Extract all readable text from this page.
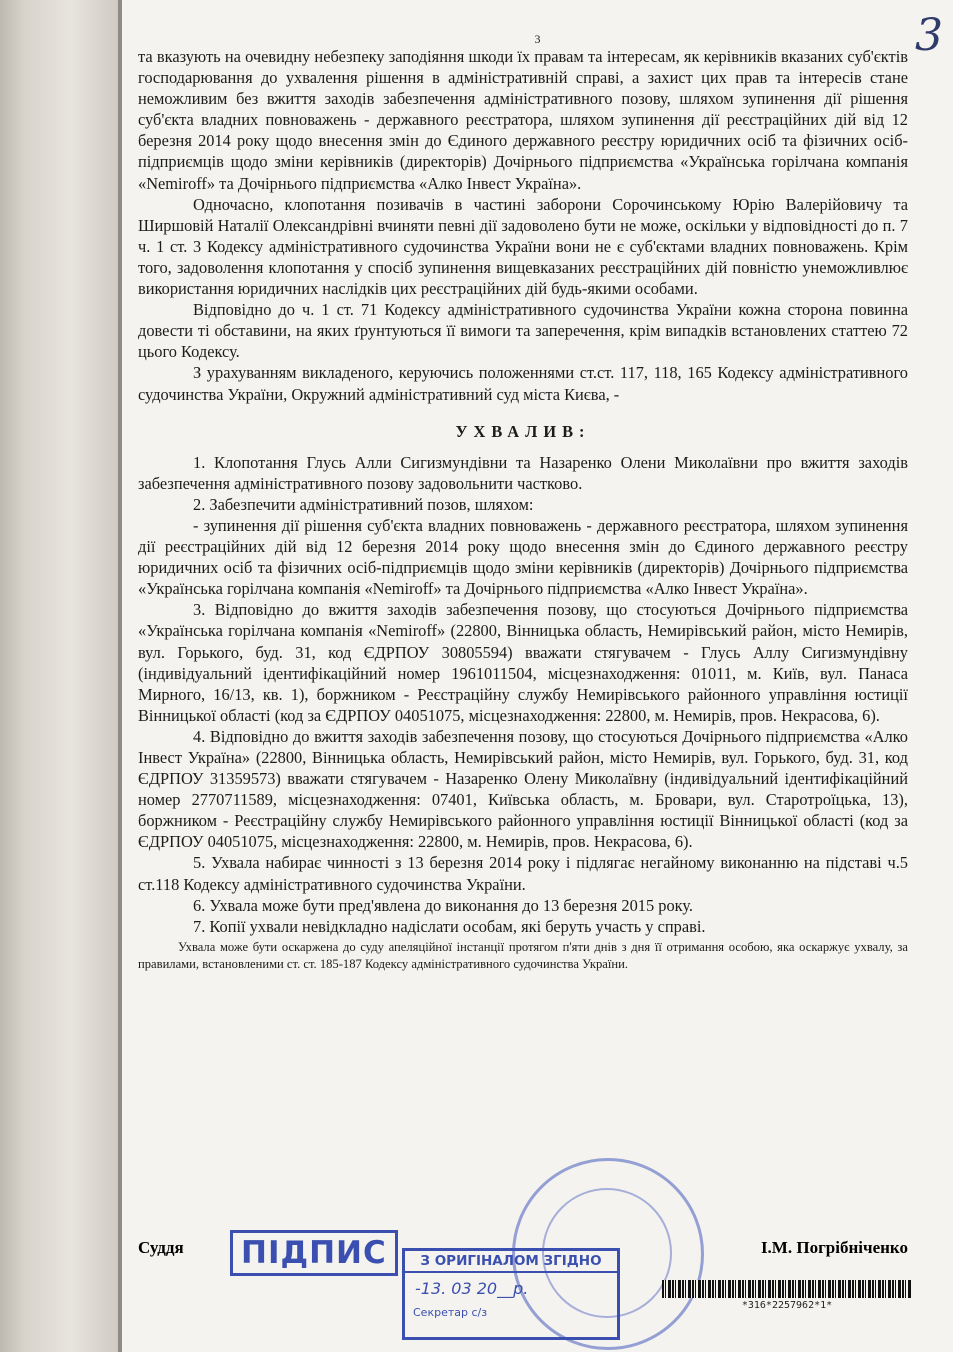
3
3

та вказують на очевидну небезпеку заподіяння шкоди їх правам та інтересам, як керівників вказаних суб'єктів господарювання до ухвалення рішення в адміністративній справі, а захист цих прав та інтересів стане неможливим без вжиття заходів забезпечення адміністративного позову, шляхом зупинення дії рішення суб'єкта владних повноважень - державного реєстратора, шляхом зупинення дії реєстраційних дій від 12 березня 2014 року щодо внесення змін до Єдиного державного реєстру юридичних осіб та фізичних осіб-підприємців щодо зміни керівників (директорів) Дочірнього підприємства «Українська горілчана компанія «Nemiroff» та Дочірнього підприємства «Алко Інвест Україна».

Одночасно, клопотання позивачів в частині заборони Сорочинському Юрію Валерійовичу та Ширшовій Наталії Олександрівні вчиняти певні дії задоволено бути не може, оскільки у відповідності до п. 7 ч. 1 ст. 3 Кодексу адміністративного судочинства України вони не є суб'єктами владних повноважень. Крім того, задоволення клопотання у спосіб зупинення вищевказаних реєстраційних дій повністю унеможливлює використання юридичних наслідків цих реєстраційних дій будь-якими особами.

Відповідно до ч. 1 ст. 71 Кодексу адміністративного судочинства України кожна сторона повинна довести ті обставини, на яких ґрунтуються її вимоги та заперечення, крім випадків встановлених статтею 72 цього Кодексу.

З урахуванням викладеного, керуючись положеннями ст.ст. 117, 118, 165 Кодексу адміністративного судочинства України, Окружний адміністративний суд міста Києва, -

УХВАЛИВ:

1. Клопотання Глусь Алли Сигизмундівни та Назаренко Олени Миколаївни про вжиття заходів забезпечення адміністративного позову задовольнити частково.

2. Забезпечити адміністративний позов, шляхом:

- зупинення дії рішення суб'єкта владних повноважень - державного реєстратора, шляхом зупинення дії реєстраційних дій від 12 березня 2014 року щодо внесення змін до Єдиного державного реєстру юридичних осіб та фізичних осіб-підприємців щодо зміни керівників (директорів) Дочірнього підприємства «Українська горілчана компанія «Nemiroff» та Дочірнього підприємства «Алко Інвест Україна».

3. Відповідно до вжиття заходів забезпечення позову, що стосуються Дочірнього підприємства «Українська горілчана компанія «Nemiroff» (22800, Вінницька область, Немирівський район, місто Немирів, вул. Горького, буд. 31, код ЄДРПОУ 30805594) вважати стягувачем - Глусь Аллу Сигизмундівну (індивідуальний ідентифікаційний номер 1961011504, місцезнаходження: 01011, м. Київ, вул. Панаса Мирного, 16/13, кв. 1), боржником - Реєстраційну службу Немирівського районного управління юстиції Вінницької області (код за ЄДРПОУ 04051075, місцезнаходження: 22800, м. Немирів, пров. Некрасова, 6).

4. Відповідно до вжиття заходів забезпечення позову, що стосуються Дочірнього підприємства «Алко Інвест Україна» (22800, Вінницька область, Немирівський район, місто Немирів, вул. Горького, буд. 31, код ЄДРПОУ 31359573) вважати стягувачем - Назаренко Олену Миколаївну (індивідуальний ідентифікаційний номер 2770711589, місцезнаходження: 07401, Київська область, м. Бровари, вул. Старотроїцька, 13), боржником - Реєстраційну службу Немирівського районного управління юстиції Вінницької області (код за ЄДРПОУ 04051075, місцезнаходження: 22800, м. Немирів, пров. Некрасова, 6).

5. Ухвала набирає чинності з 13 березня 2014 року і підлягає негайному виконанню на підставі ч.5 ст.118 Кодексу адміністративного судочинства України.

6. Ухвала може бути пред'явлена до виконання до 13 березня 2015 року.

7. Копії ухвали невідкладно надіслати особам, які беруть участь у справі.

Ухвала може бути оскаржена до суду апеляційної інстанції протягом п'яти днів з дня її отримання особою, яка оскаржує ухвалу, за правилами, встановленими ст. ст. 185-187 Кодексу адміністративного судочинства України.

Суддя	ПІДПИС	І.М. Погрібніченко
З ОРИГІНАЛОМ ЗГІДНО
-13. 03 20__р.
Секретар с/з
*316*2257962*1*
